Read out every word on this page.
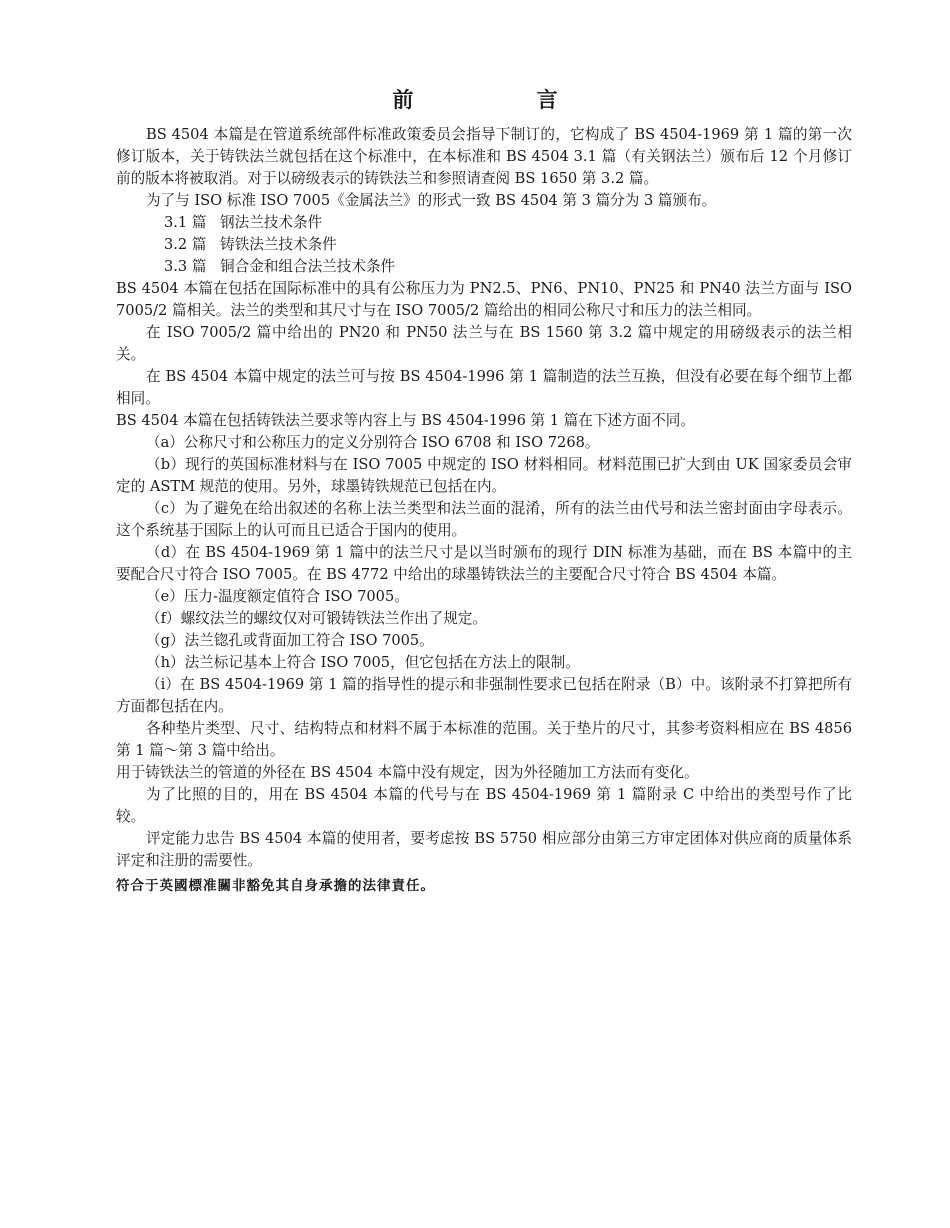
前 言

BS 4504 本篇是在管道系统部件标准政策委员会指导下制订的，它构成了 BS 4504-1969 第 1 篇的第一次修订版本，关于铸铁法兰就包括在这个标准中，在本标准和 BS 4504 3.1 篇（有关钢法兰）颁布后 12 个月修订前的版本将被取消。对于以磅级表示的铸铁法兰和参照请查阅 BS 1650 第 3.2 篇。

为了与 ISO 标准 ISO 7005《金属法兰》的形式一致 BS 4504 第 3 篇分为 3 篇颁布。

3.1 篇 钢法兰技术条件
3.2 篇 铸铁法兰技术条件
3.3 篇 铜合金和组合法兰技术条件

BS 4504 本篇在包括在国际标准中的具有公称压力为 PN2.5、PN6、PN10、PN25 和 PN40 法兰方面与 ISO 7005/2 篇相关。法兰的类型和其尺寸与在 ISO 7005/2 篇给出的相同公称尺寸和压力的法兰相同。

在 ISO 7005/2 篇中给出的 PN20 和 PN50 法兰与在 BS 1560 第 3.2 篇中规定的用磅级表示的法兰相关。

在 BS 4504 本篇中规定的法兰可与按 BS 4504-1996 第 1 篇制造的法兰互换，但没有必要在每个细节上都相同。

BS 4504 本篇在包括铸铁法兰要求等内容上与 BS 4504-1996 第 1 篇在下述方面不同。

（a）公称尺寸和公称压力的定义分别符合 ISO 6708 和 ISO 7268。

（b）现行的英国标准材料与在 ISO 7005 中规定的 ISO 材料相同。材料范围已扩大到由 UK 国家委员会审定的 ASTM 规范的使用。另外，球墨铸铁规范已包括在内。

（c）为了避免在给出叙述的名称上法兰类型和法兰面的混淆，所有的法兰由代号和法兰密封面由字母表示。这个系统基于国际上的认可而且已适合于国内的使用。

（d）在 BS 4504-1969 第 1 篇中的法兰尺寸是以当时颁布的现行 DIN 标准为基础，而在 BS 本篇中的主要配合尺寸符合 ISO 7005。在 BS 4772 中给出的球墨铸铁法兰的主要配合尺寸符合 BS 4504 本篇。

（e）压力-温度额定值符合 ISO 7005。

（f）螺纹法兰的螺纹仅对可锻铸铁法兰作出了规定。

（g）法兰锪孔或背面加工符合 ISO 7005。

（h）法兰标记基本上符合 ISO 7005，但它包括在方法上的限制。

（i）在 BS 4504-1969 第 1 篇的指导性的提示和非强制性要求已包括在附录（B）中。该附录不打算把所有方面都包括在内。

各种垫片类型、尺寸、结构特点和材料不属于本标准的范围。关于垫片的尺寸，其参考资料相应在 BS 4856 第 1 篇～第 3 篇中给出。

用于铸铁法兰的管道的外径在 BS 4504 本篇中没有规定，因为外径随加工方法而有变化。

为了比照的目的，用在 BS 4504 本篇的代号与在 BS 4504-1969 第 1 篇附录 C 中给出的类型号作了比较。

评定能力忠告 BS 4504 本篇的使用者，要考虑按 BS 5750 相应部分由第三方审定团体对供应商的质量体系评定和注册的需要性。

符合于英國標准關非豁免其自身承擔的法律責任。
